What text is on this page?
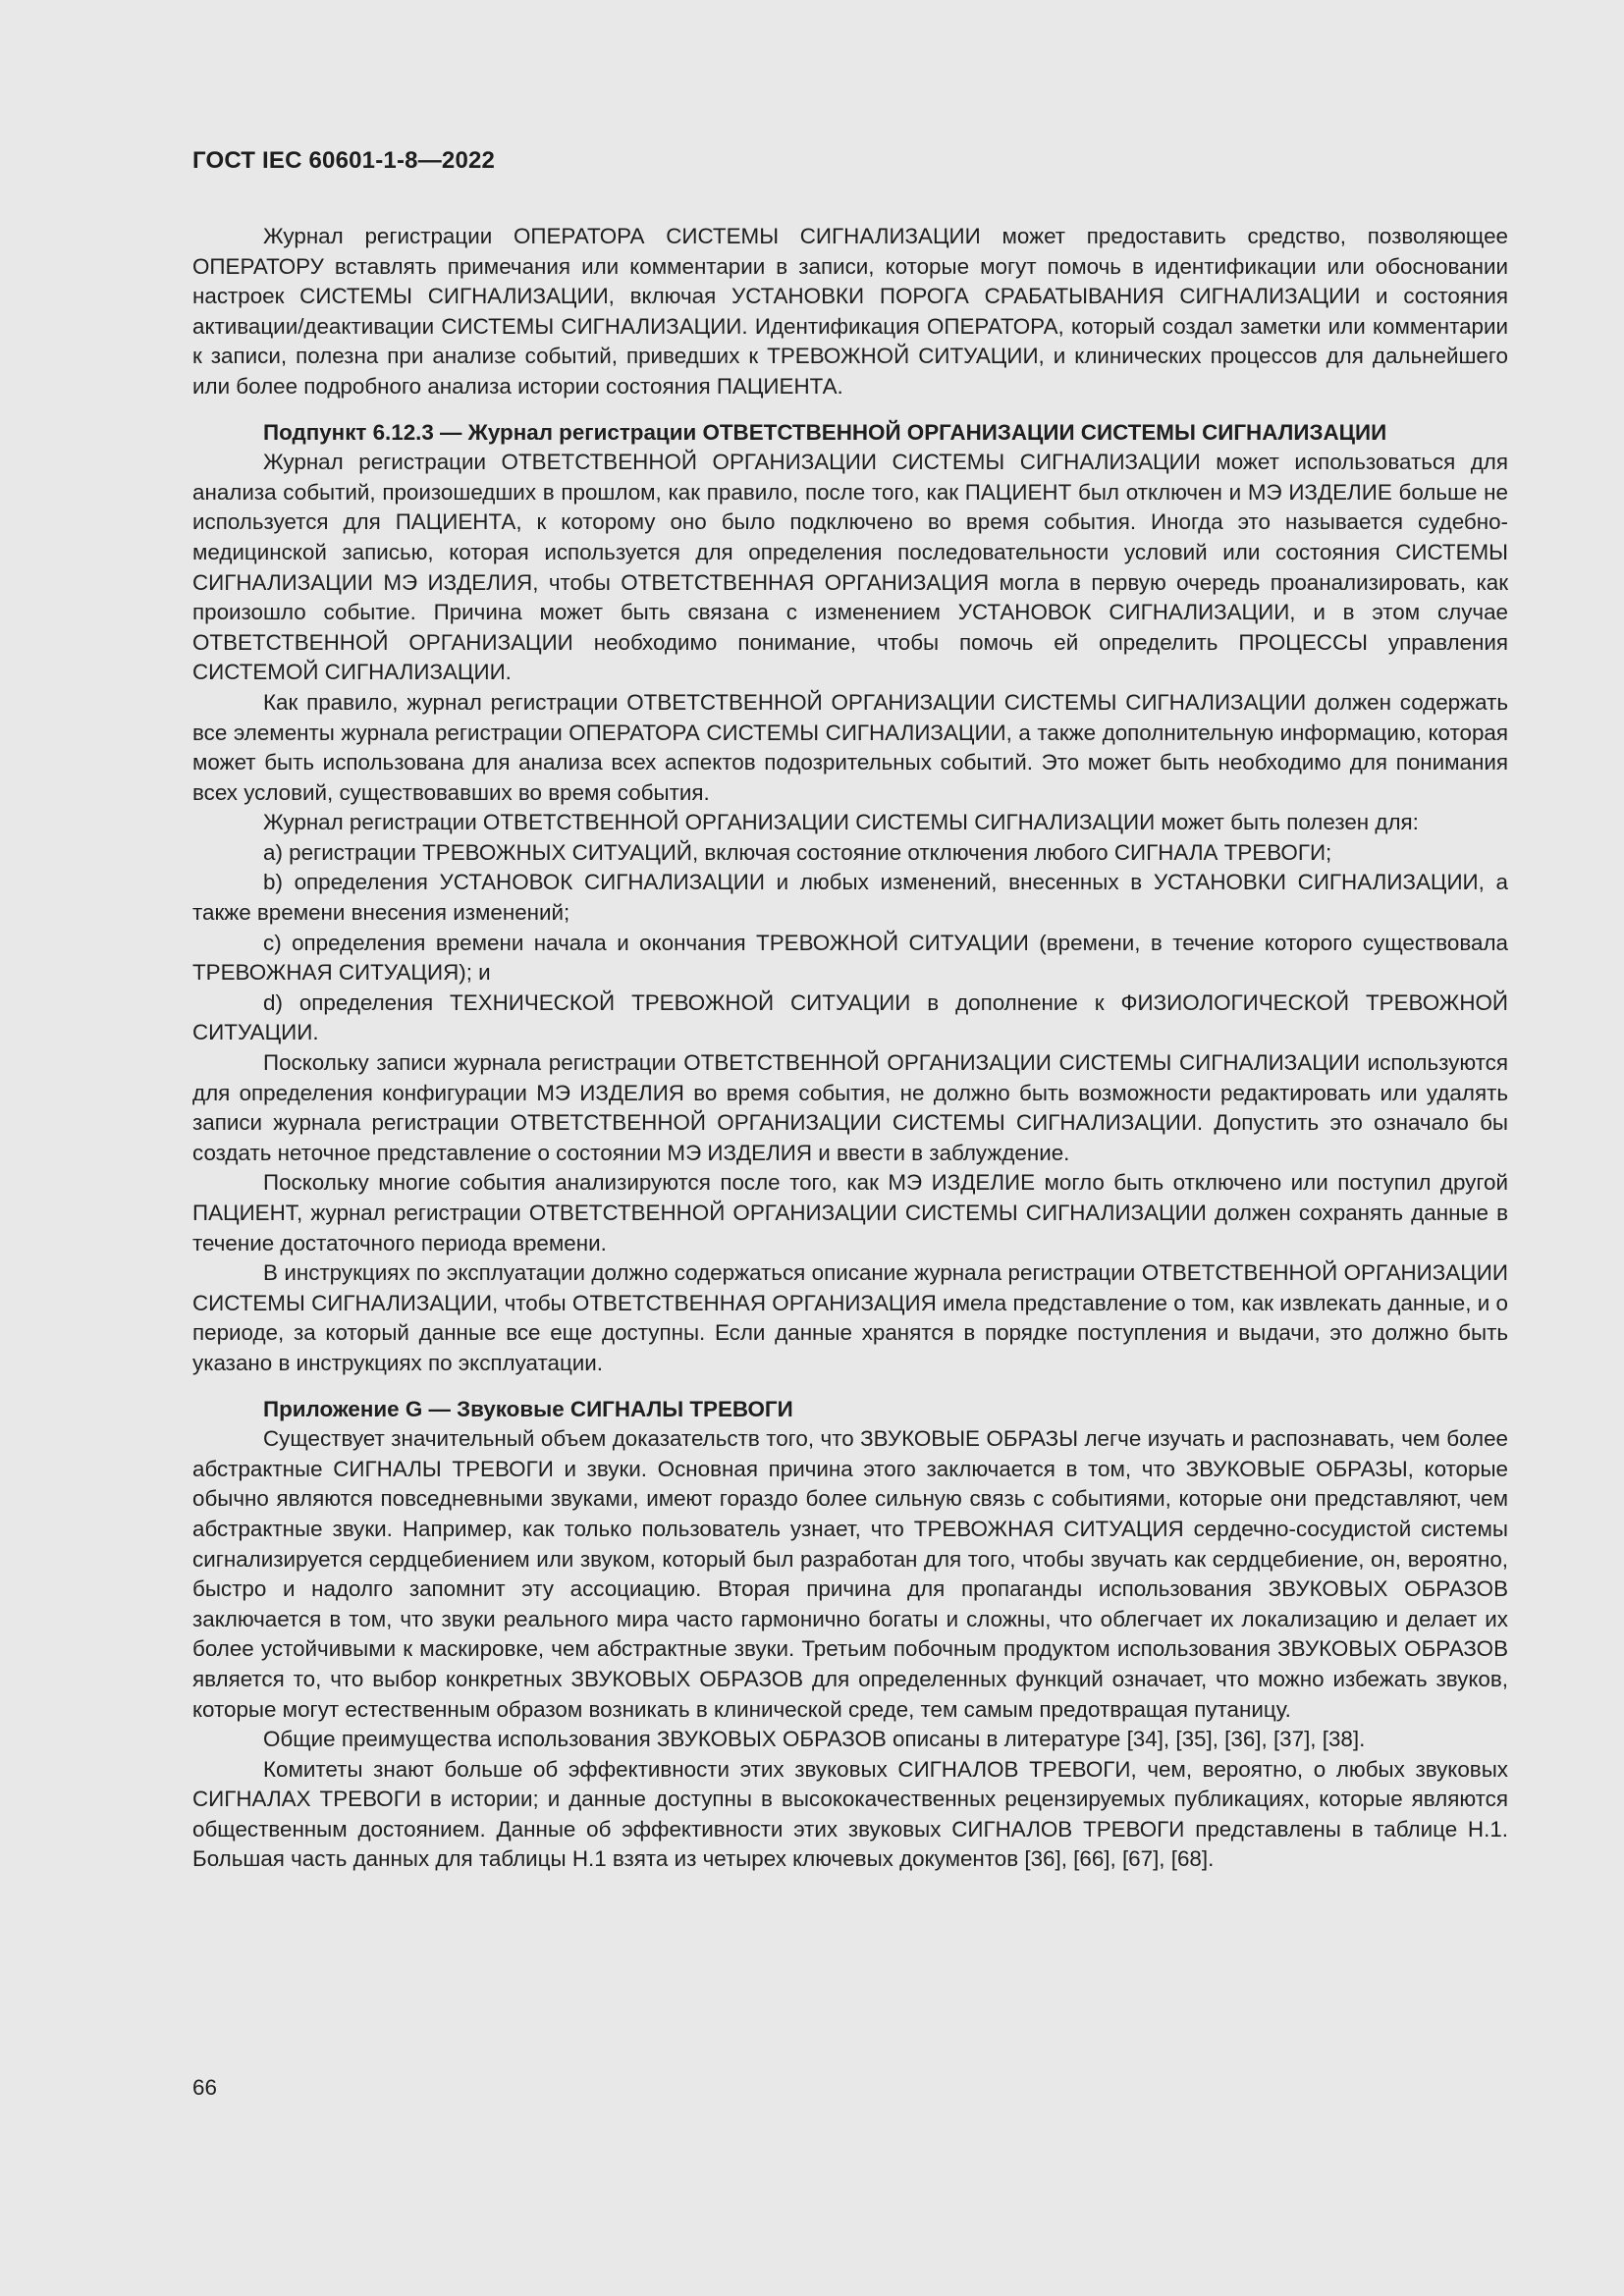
ГОСТ IEC 60601-1-8—2022

Журнал регистрации ОПЕРАТОРА СИСТЕМЫ СИГНАЛИЗАЦИИ может предоставить средство, позволяющее ОПЕРАТОРУ вставлять примечания или комментарии в записи, которые могут помочь в идентификации или обосновании настроек СИСТЕМЫ СИГНАЛИЗАЦИИ, включая УСТАНОВКИ ПОРОГА СРАБАТЫВАНИЯ СИГНАЛИЗАЦИИ и состояния активации/деактивации СИСТЕМЫ СИГНАЛИЗАЦИИ. Идентификация ОПЕРАТОРА, который создал заметки или комментарии к записи, полезна при анализе событий, приведших к ТРЕВОЖНОЙ СИТУАЦИИ, и клинических процессов для дальнейшего или более подробного анализа истории состояния ПАЦИЕНТА.

Подпункт 6.12.3 — Журнал регистрации ОТВЕТСТВЕННОЙ ОРГАНИЗАЦИИ СИСТЕМЫ СИГНАЛИЗАЦИИ

Журнал регистрации ОТВЕТСТВЕННОЙ ОРГАНИЗАЦИИ СИСТЕМЫ СИГНАЛИЗАЦИИ может использоваться для анализа событий, произошедших в прошлом, как правило, после того, как ПАЦИЕНТ был отключен и МЭ ИЗДЕЛИЕ больше не используется для ПАЦИЕНТА, к которому оно было подключено во время события. Иногда это называется судебно-медицинской записью, которая используется для определения последовательности условий или состояния СИСТЕМЫ СИГНАЛИЗАЦИИ МЭ ИЗДЕЛИЯ, чтобы ОТВЕТСТВЕННАЯ ОРГАНИЗАЦИЯ могла в первую очередь проанализировать, как произошло событие. Причина может быть связана с изменением УСТАНОВОК СИГНАЛИЗАЦИИ, и в этом случае ОТВЕТСТВЕННОЙ ОРГАНИЗАЦИИ необходимо понимание, чтобы помочь ей определить ПРОЦЕССЫ управления СИСТЕМОЙ СИГНАЛИЗАЦИИ.

Как правило, журнал регистрации ОТВЕТСТВЕННОЙ ОРГАНИЗАЦИИ СИСТЕМЫ СИГНАЛИЗАЦИИ должен содержать все элементы журнала регистрации ОПЕРАТОРА СИСТЕМЫ СИГНАЛИЗАЦИИ, а также дополнительную информацию, которая может быть использована для анализа всех аспектов подозрительных событий. Это может быть необходимо для понимания всех условий, существовавших во время события.

Журнал регистрации ОТВЕТСТВЕННОЙ ОРГАНИЗАЦИИ СИСТЕМЫ СИГНАЛИЗАЦИИ может быть полезен для:

a) регистрации ТРЕВОЖНЫХ СИТУАЦИЙ, включая состояние отключения любого СИГНАЛА ТРЕВОГИ;

b) определения УСТАНОВОК СИГНАЛИЗАЦИИ и любых изменений, внесенных в УСТАНОВКИ СИГНАЛИЗАЦИИ, а также времени внесения изменений;

c) определения времени начала и окончания ТРЕВОЖНОЙ СИТУАЦИИ (времени, в течение которого существовала ТРЕВОЖНАЯ СИТУАЦИЯ); и

d) определения ТЕХНИЧЕСКОЙ ТРЕВОЖНОЙ СИТУАЦИИ в дополнение к ФИЗИОЛОГИЧЕСКОЙ ТРЕВОЖНОЙ СИТУАЦИИ.

Поскольку записи журнала регистрации ОТВЕТСТВЕННОЙ ОРГАНИЗАЦИИ СИСТЕМЫ СИГНАЛИЗАЦИИ используются для определения конфигурации МЭ ИЗДЕЛИЯ во время события, не должно быть возможности редактировать или удалять записи журнала регистрации ОТВЕТСТВЕННОЙ ОРГАНИЗАЦИИ СИСТЕМЫ СИГНАЛИЗАЦИИ. Допустить это означало бы создать неточное представление о состоянии МЭ ИЗДЕЛИЯ и ввести в заблуждение.

Поскольку многие события анализируются после того, как МЭ ИЗДЕЛИЕ могло быть отключено или поступил другой ПАЦИЕНТ, журнал регистрации ОТВЕТСТВЕННОЙ ОРГАНИЗАЦИИ СИСТЕМЫ СИГНАЛИЗАЦИИ должен сохранять данные в течение достаточного периода времени.

В инструкциях по эксплуатации должно содержаться описание журнала регистрации ОТВЕТСТВЕННОЙ ОРГАНИЗАЦИИ СИСТЕМЫ СИГНАЛИЗАЦИИ, чтобы ОТВЕТСТВЕННАЯ ОРГАНИЗАЦИЯ имела представление о том, как извлекать данные, и о периоде, за который данные все еще доступны. Если данные хранятся в порядке поступления и выдачи, это должно быть указано в инструкциях по эксплуатации.

Приложение G — Звуковые СИГНАЛЫ ТРЕВОГИ

Существует значительный объем доказательств того, что ЗВУКОВЫЕ ОБРАЗЫ легче изучать и распознавать, чем более абстрактные СИГНАЛЫ ТРЕВОГИ и звуки. Основная причина этого заключается в том, что ЗВУКОВЫЕ ОБРАЗЫ, которые обычно являются повседневными звуками, имеют гораздо более сильную связь с событиями, которые они представляют, чем абстрактные звуки. Например, как только пользователь узнает, что ТРЕВОЖНАЯ СИТУАЦИЯ сердечно-сосудистой системы сигнализируется сердцебиением или звуком, который был разработан для того, чтобы звучать как сердцебиение, он, вероятно, быстро и надолго запомнит эту ассоциацию. Вторая причина для пропаганды использования ЗВУКОВЫХ ОБРАЗОВ заключается в том, что звуки реального мира часто гармонично богаты и сложны, что облегчает их локализацию и делает их более устойчивыми к маскировке, чем абстрактные звуки. Третьим побочным продуктом использования ЗВУКОВЫХ ОБРАЗОВ является то, что выбор конкретных ЗВУКОВЫХ ОБРАЗОВ для определенных функций означает, что можно избежать звуков, которые могут естественным образом возникать в клинической среде, тем самым предотвращая путаницу.

Общие преимущества использования ЗВУКОВЫХ ОБРАЗОВ описаны в литературе [34], [35], [36], [37], [38].

Комитеты знают больше об эффективности этих звуковых СИГНАЛОВ ТРЕВОГИ, чем, вероятно, о любых звуковых СИГНАЛАХ ТРЕВОГИ в истории; и данные доступны в высококачественных рецензируемых публикациях, которые являются общественным достоянием. Данные об эффективности этих звуковых СИГНАЛОВ ТРЕВОГИ представлены в таблице H.1. Большая часть данных для таблицы H.1 взята из четырех ключевых документов [36], [66], [67], [68].

66
